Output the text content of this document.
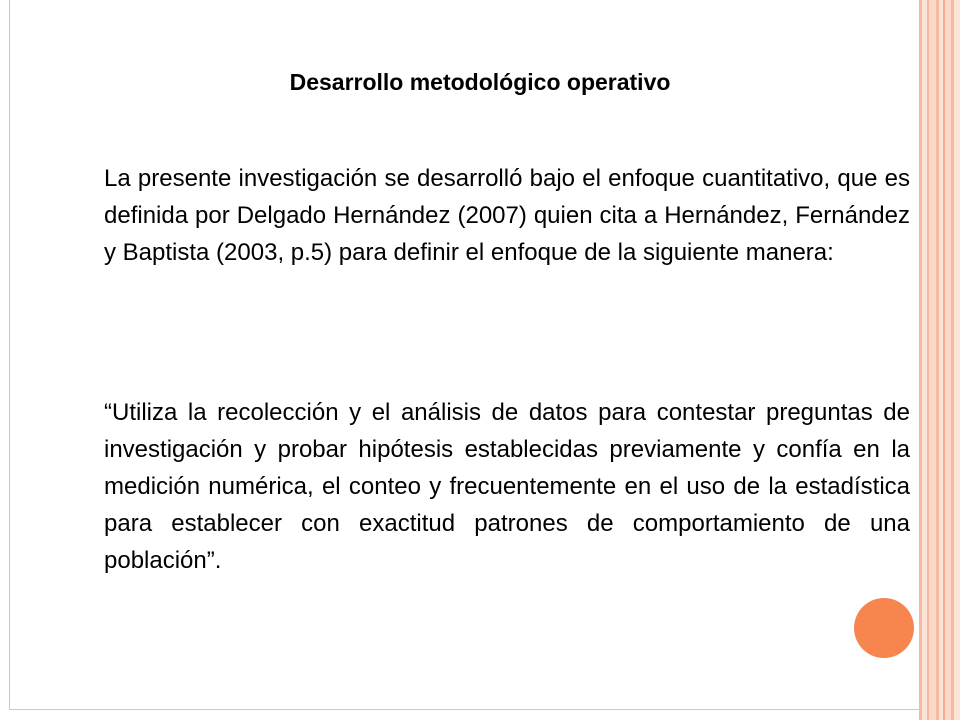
Desarrollo metodológico operativo

La presente investigación se desarrolló bajo el enfoque cuantitativo, que es definida por Delgado Hernández (2007) quien cita a Hernández, Fernández y Baptista (2003, p.5) para definir el enfoque de la siguiente manera:

“Utiliza la recolección y el análisis de datos para contestar preguntas de investigación y probar hipótesis establecidas previamente y confía en la medición numérica, el conteo y frecuentemente en el uso de la estadística para establecer con exactitud patrones de comportamiento de una población”.
